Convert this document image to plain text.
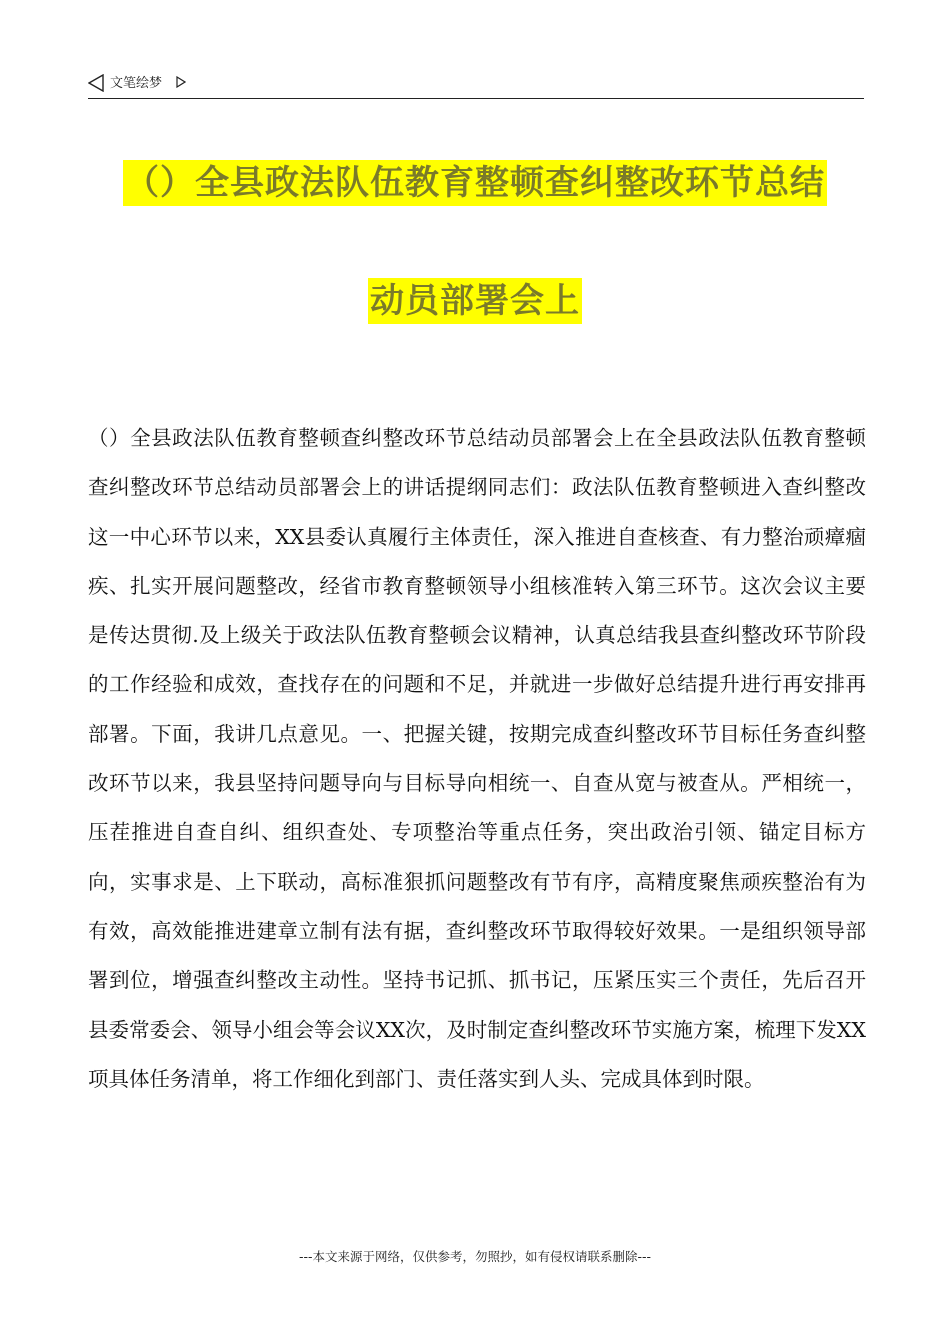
文笔绘梦
（）全县政法队伍教育整顿查纠整改环节总结
动员部署会上

（）全县政法队伍教育整顿查纠整改环节总结动员部署会上在全县政法队伍教育整顿查纠整改环节总结动员部署会上的讲话提纲同志们：政法队伍教育整顿进入查纠整改这一中心环节以来，XX县委认真履行主体责任，深入推进自查核查、有力整治顽瘴痼疾、扎实开展问题整改，经省市教育整顿领导小组核准转入第三环节。这次会议主要是传达贯彻.及上级关于政法队伍教育整顿会议精神，认真总结我县查纠整改环节阶段的工作经验和成效，查找存在的问题和不足，并就进一步做好总结提升进行再安排再部署。下面，我讲几点意见。一、把握关键，按期完成查纠整改环节目标任务查纠整改环节以来，我县坚持问题导向与目标导向相统一、自查从宽与被查从。严相统一，压茬推进自查自纠、组织查处、专项整治等重点任务，突出政治引领、锚定目标方向，实事求是、上下联动，高标准狠抓问题整改有节有序，高精度聚焦顽疾整治有为有效，高效能推进建章立制有法有据，查纠整改环节取得较好效果。一是组织领导部署到位，增强查纠整改主动性。坚持书记抓、抓书记，压紧压实三个责任，先后召开县委常委会、领导小组会等会议XX次，及时制定查纠整改环节实施方案，梳理下发XX项具体任务清单，将工作细化到部门、责任落实到人头、完成具体到时限。

---本文来源于网络，仅供参考，勿照抄，如有侵权请联系删除---
